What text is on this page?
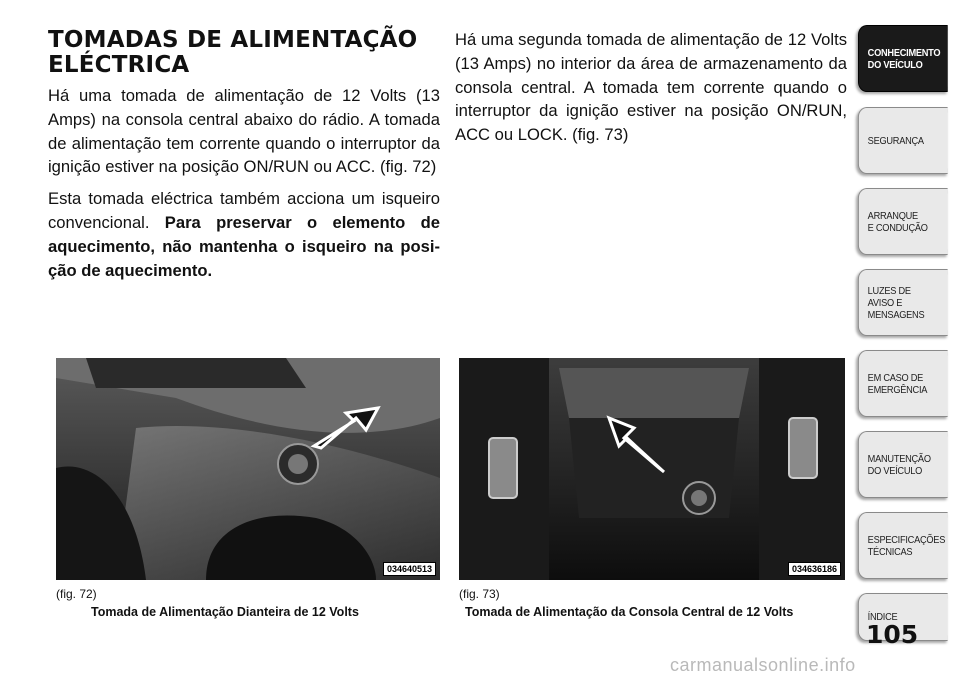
TOMADAS DE ALIMENTAÇÃO
ELÉCTRICA

Há uma tomada de alimentação de 12 Volts (13 Amps) na consola central abaixo do rádio. A tomada de alimentação tem corrente quando o interruptor da ignição estiver na posição ON/RUN ou ACC. (fig. 72)

Esta tomada eléctrica também acciona um isqueiro convencional. Para preservar o elemento de aquecimento, não mantenha o isqueiro na posi-ção de aquecimento.

Há uma segunda tomada de alimentação de 12 Volts (13 Amps) no interior da área de armazenamento da consola central. A tomada tem corrente quando o interruptor da ignição estiver na posição ON/RUN, ACC ou LOCK. (fig. 73)

034640513
(fig. 72)
Tomada de Alimentação Dianteira de 12 Volts
034636186
(fig. 73)
Tomada de Alimentação da Consola Central de 12 Volts
CONHECIMENTO
DO VEÍCULO
SEGURANÇA
ARRANQUE
E CONDUÇÃO
LUZES DE
AVISO E
MENSAGENS
EM CASO DE
EMERGÊNCIA
MANUTENÇÃO
DO VEÍCULO
ESPECIFICAÇÕES
TÉCNICAS
ÍNDICE
105
carmanualsonline.info
